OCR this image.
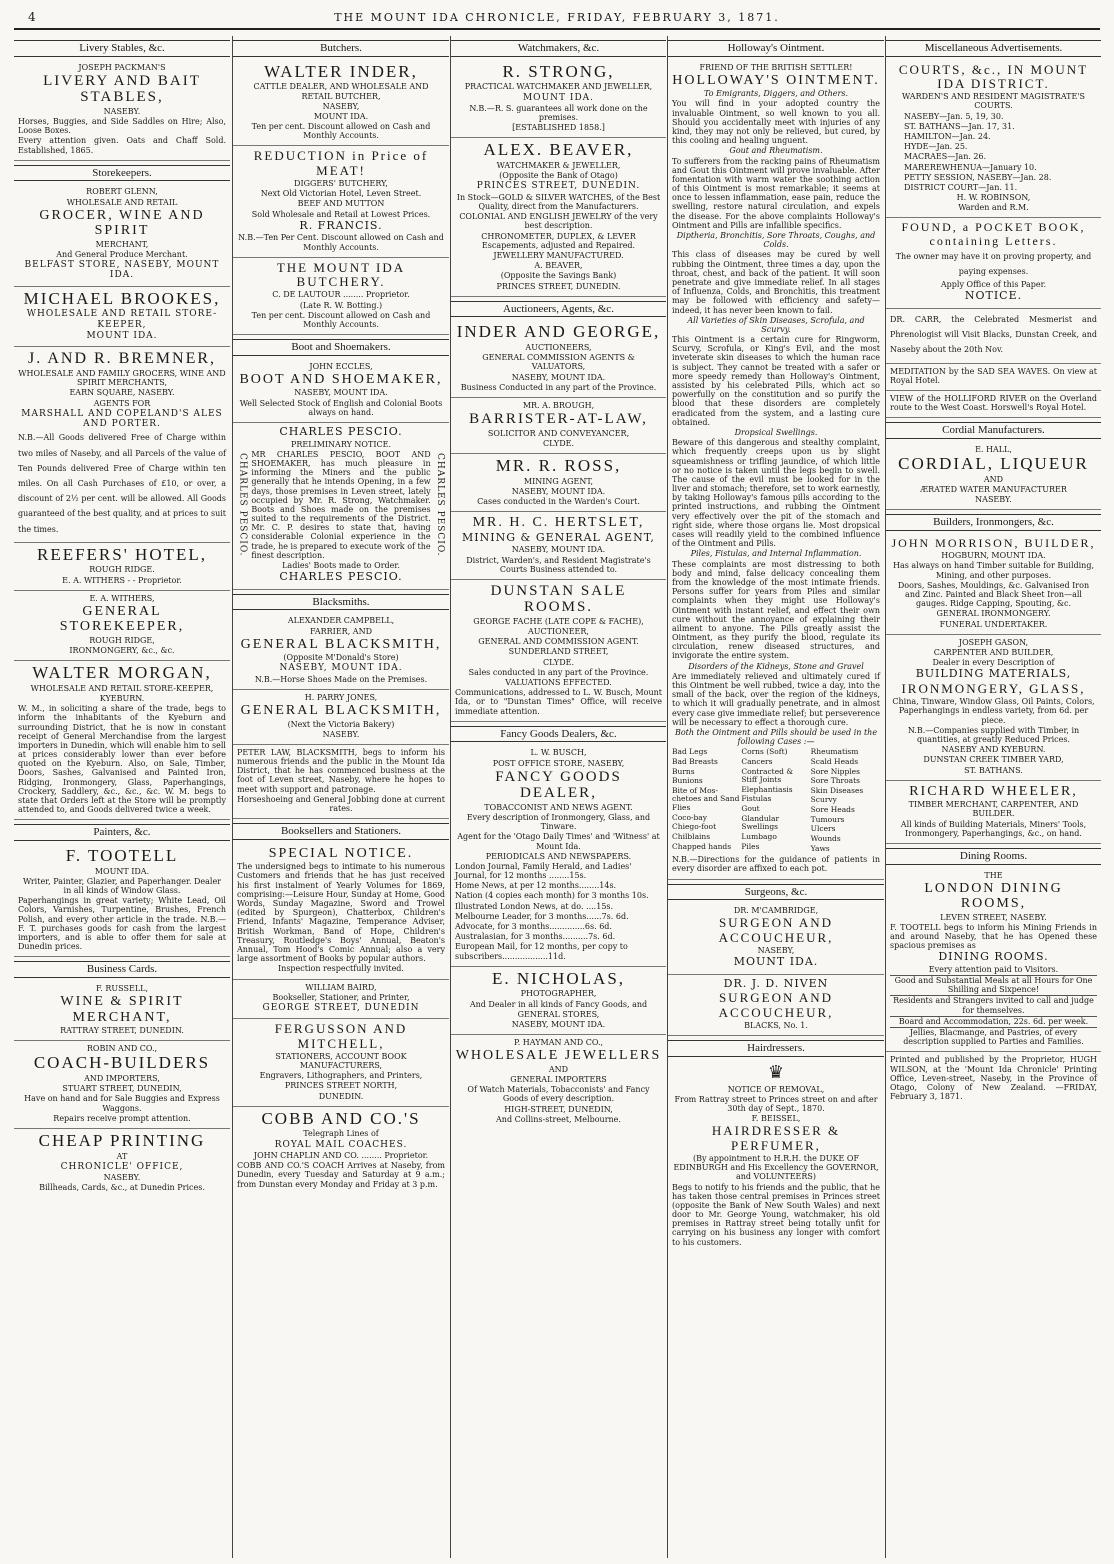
4	THE MOUNT IDA CHRONICLE, FRIDAY, FEBRUARY 3, 1871.
Livery Stables, &c.

JOSEPH PACKMAN'S

LIVERY AND BAIT STABLES,

NASEBY.

Horses, Buggies, and Side Saddles on Hire; Also, Loose Boxes.

Every attention given. Oats and Chaff Sold. Established, 1865.

Storekeepers.

ROBERT GLENN,

WHOLESALE AND RETAIL

GROCER, WINE AND SPIRIT

MERCHANT,

And General Produce Merchant.

BELFAST STORE, NASEBY, MOUNT IDA.

MICHAEL BROOKES,

WHOLESALE AND RETAIL STORE-KEEPER,

MOUNT IDA.

J. AND R. BREMNER,

WHOLESALE AND FAMILY GROCERS, WINE AND SPIRIT MERCHANTS,

EARN SQUARE, NASEBY.

AGENTS FOR

MARSHALL AND COPELAND'S ALES AND PORTER.

N.B.—All Goods delivered Free of Charge within two miles of Naseby, and all Parcels of the value of Ten Pounds delivered Free of Charge within ten miles. On all Cash Purchases of £10, or over, a discount of 2½ per cent. will be allowed. All Goods guaranteed of the best quality, and at prices to suit the times.

REEFERS' HOTEL,

ROUGH RIDGE.

E. A. WITHERS - - Proprietor.

E. A. WITHERS,

GENERAL STOREKEEPER,

ROUGH RIDGE,

IRONMONGERY, &c., &c.

WALTER MORGAN,

WHOLESALE AND RETAIL STORE-KEEPER,

KYEBURN.

W. M., in soliciting a share of the trade, begs to inform the inhabitants of the Kyeburn and surrounding District, that he is now in constant receipt of General Merchandise from the largest importers in Dunedin, which will enable him to sell at prices considerably lower than ever before quoted on the Kyeburn. Also, on Sale, Timber, Doors, Sashes, Galvanised and Painted Iron, Ridging, Ironmongery, Glass, Paperhangings, Crockery, Saddlery, &c., &c., &c. W. M. begs to state that Orders left at the Store will be promptly attended to, and Goods delivered twice a week.

Painters, &c.

F. TOOTELL

MOUNT IDA.

Writer, Painter, Glazier, and Paperhanger. Dealer in all kinds of Window Glass.

Paperhangings in great variety; White Lead, Oil Colors, Varnishes, Turpentine, Brushes, French Polish, and every other article in the trade. N.B.—F. T. purchases goods for cash from the largest importers, and is able to offer them for sale at Dunedin prices.

Business Cards.

F. RUSSELL,

WINE & SPIRIT MERCHANT,

RATTRAY STREET, DUNEDIN.

ROBIN AND CO.,

COACH-BUILDERS

AND IMPORTERS,

STUART STREET, DUNEDIN,

Have on hand and for Sale Buggies and Express Waggons.

Repairs receive prompt attention.

CHEAP PRINTING

AT

CHRONICLE' OFFICE,

NASEBY.

Billheads, Cards, &c., at Dunedin Prices.

Butchers.

WALTER INDER,

CATTLE DEALER, AND WHOLESALE AND RETAIL BUTCHER,

NASEBY,

MOUNT IDA.

Ten per cent. Discount allowed on Cash and Monthly Accounts.

REDUCTION in Price of MEAT!

DIGGERS' BUTCHERY,

Next Old Victorian Hotel, Leven Street.

BEEF AND MUTTON

Sold Wholesale and Retail at Lowest Prices.

R. FRANCIS.

N.B.—Ten Per Cent. Discount allowed on Cash and Monthly Accounts.

THE MOUNT IDA BUTCHERY.

C. DE LAUTOUR ........ Proprietor.

(Late R. W. Botting.)

Ten per cent. Discount allowed on Cash and Monthly Accounts.

Boot and Shoemakers.

JOHN ECCLES,

BOOT AND SHOEMAKER,

NASEBY, MOUNT IDA.

Well Selected Stock of English and Colonial Boots always on hand.

CHARLES PESCIO.

PRELIMINARY NOTICE.

CHARLES PESCIO. MR CHARLES PESCIO, BOOT AND SHOEMAKER, has much pleasure in informing the Miners and the public generally that he intends Opening, in a few days, those premises in Leven street, lately occupied by Mr. R. Strong, Watchmaker. Boots and Shoes made on the premises suited to the requirements of the District. Mr. C. P. desires to state that, having considerable Colonial experience in the trade, he is prepared to execute work of the finest description.	CHARLES PESCIO.

Ladies' Boots made to Order.

CHARLES PESCIO.

Blacksmiths.

ALEXANDER CAMPBELL,

FARRIER, AND

GENERAL BLACKSMITH,

(Opposite M'Donald's Store)

NASEBY, MOUNT IDA.

N.B.—Horse Shoes Made on the Premises.

H. PARRY JONES,

GENERAL BLACKSMITH,

(Next the Victoria Bakery)

NASEBY.

PETER LAW, BLACKSMITH, begs to inform his numerous friends and the public in the Mount Ida District, that he has commenced business at the foot of Leven street, Naseby, where he hopes to meet with support and patronage.

Horseshoeing and General Jobbing done at current rates.

Booksellers and Stationers.

SPECIAL NOTICE.

The undersigned begs to intimate to his numerous Customers and friends that he has just received his first instalment of Yearly Volumes for 1869, comprising:—Leisure Hour, Sunday at Home, Good Words, Sunday Magazine, Sword and Trowel (edited by Spurgeon), Chatterbox, Children's Friend, Infants' Magazine, Temperance Adviser, British Workman, Band of Hope, Children's Treasury, Routledge's Boys' Annual, Beaton's Annual, Tom Hood's Comic Annual; also a very large assortment of Books by popular authors.

Inspection respectfully invited.

WILLIAM BAIRD,

Bookseller, Stationer, and Printer,

GEORGE STREET, DUNEDIN

FERGUSSON AND MITCHELL,

STATIONERS, ACCOUNT BOOK MANUFACTURERS,

Engravers, Lithographers, and Printers,

PRINCES STREET NORTH,

DUNEDIN.

COBB AND CO.'S

Telegraph Lines of

ROYAL MAIL COACHES.

JOHN CHAPLIN AND CO. ........ Proprietor.

COBB AND CO.'S COACH Arrives at Naseby, from Dunedin, every Tuesday and Saturday at 9 a.m.; from Dunstan every Monday and Friday at 3 p.m.

Watchmakers, &c.

R. STRONG,

PRACTICAL WATCHMAKER AND JEWELLER,

MOUNT IDA.

N.B.—R. S. guarantees all work done on the premises.

[ESTABLISHED 1858.]

ALEX. BEAVER,

WATCHMAKER & JEWELLER,

(Opposite the Bank of Otago)

PRINCES STREET, DUNEDIN.

In Stock—GOLD & SILVER WATCHES, of the Best Quality, direct from the Manufacturers.

COLONIAL AND ENGLISH JEWELRY of the very best description.

CHRONOMETER, DUPLEX, & LEVER Escapements, adjusted and Repaired.

JEWELLERY MANUFACTURED.

A. BEAVER,

(Opposite the Savings Bank)

PRINCES STREET, DUNEDIN.

Auctioneers, Agents, &c.

INDER AND GEORGE,

AUCTIONEERS,

GENERAL COMMISSION AGENTS & VALUATORS,

NASEBY, MOUNT IDA.

Business Conducted in any part of the Province.

MR. A. BROUGH,

BARRISTER-AT-LAW,

SOLICITOR AND CONVEYANCER,

CLYDE.

MR. R. ROSS,

MINING AGENT,

NASEBY, MOUNT IDA.

Cases conducted in the Warden's Court.

MR. H. C. HERTSLET,

MINING & GENERAL AGENT,

NASEBY, MOUNT IDA.

District, Warden's, and Resident Magistrate's Courts Business attended to.

DUNSTAN SALE ROOMS.

GEORGE FACHE (LATE COPE & FACHE),

AUCTIONEER,

GENERAL AND COMMISSION AGENT.

SUNDERLAND STREET,

CLYDE.

Sales conducted in any part of the Province.

VALUATIONS EFFECTED.

Communications, addressed to L. W. Busch, Mount Ida, or to "Dunstan Times" Office, will receive immediate attention.

Fancy Goods Dealers, &c.

L. W. BUSCH,

POST OFFICE STORE, NASEBY,

FANCY GOODS DEALER,

TOBACCONIST AND NEWS AGENT.

Every description of Ironmongery, Glass, and Tinware.

Agent for the 'Otago Daily Times' and 'Witness' at Mount Ida.

PERIODICALS AND NEWSPAPERS.

London Journal, Family Herald, and Ladies' Journal, for 12 months ........15s.

Home News, at per 12 months........14s.

Nation (4 copies each month) for 3 months 10s.

Illustrated London News, at do. ....15s.

Melbourne Leader, for 3 months......7s. 6d.

Advocate, for 3 months..............6s. 6d.

Australasian, for 3 months..........7s. 6d.

European Mail, for 12 months, per copy to subscribers..................11d.

E. NICHOLAS,

PHOTOGRAPHER,

And Dealer in all kinds of Fancy Goods, and

GENERAL STORES,

NASEBY, MOUNT IDA.

P. HAYMAN AND CO.,

WHOLESALE JEWELLERS

AND

GENERAL IMPORTERS

Of Watch Materials, Tobacconists' and Fancy Goods of every description.

HIGH-STREET, DUNEDIN,

And Collins-street, Melbourne.

Holloway's Ointment.

FRIEND OF THE BRITISH SETTLER!

HOLLOWAY'S OINTMENT.

To Emigrants, Diggers, and Others.

You will find in your adopted country the invaluable Ointment, so well known to you all. Should you accidentally meet with injuries of any kind, they may not only be relieved, but cured, by this cooling and healing unguent.

Gout and Rheumatism.

To sufferers from the racking pains of Rheumatism and Gout this Ointment will prove invaluable. After fomentation with warm water the soothing action of this Ointment is most remarkable; it seems at once to lessen inflammation, ease pain, reduce the swelling, restore natural circulation, and expels the disease. For the above complaints Holloway's Ointment and Pills are infallible specifics.

Diptheria, Bronchitis, Sore Throats, Coughs, and Colds.

This class of diseases may be cured by well rubbing the Ointment, three times a day, upon the throat, chest, and back of the patient. It will soon penetrate and give immediate relief. In all stages of Influenza, Colds, and Bronchitis, this treatment may be followed with efficiency and safety—indeed, it has never been known to fail.

All Varieties of Skin Diseases, Scrofula, and Scurvy.

This Ointment is a certain cure for Ringworm, Scurvy, Scrofula, or King's Evil, and the most inveterate skin diseases to which the human race is subject. They cannot be treated with a safer or more speedy remedy than Holloway's Ointment, assisted by his celebrated Pills, which act so powerfully on the constitution and so purify the blood that these disorders are completely eradicated from the system, and a lasting cure obtained.

Dropsical Swellings.

Beware of this dangerous and stealthy complaint, which frequently creeps upon us by slight squeamishness or trifling jaundice, of which little or no notice is taken until the legs begin to swell. The cause of the evil must be looked for in the liver and stomach; therefore, set to work earnestly, by taking Holloway's famous pills according to the printed instructions, and rubbing the Ointment very effectively over the pit of the stomach and right side, where those organs lie. Most dropsical cases will readily yield to the combined influence of the Ointment and Pills.

Piles, Fistulas, and Internal Inflammation.

These complaints are most distressing to both body and mind, false delicacy concealing them from the knowledge of the most intimate friends. Persons suffer for years from Piles and similar complaints when they might use Holloway's Ointment with instant relief, and effect their own cure without the annoyance of explaining their ailment to anyone. The Pills greatly assist the Ointment, as they purify the blood, regulate its circulation, renew diseased structures, and invigorate the entire system.

Disorders of the Kidneys, Stone and Gravel

Are immediately relieved and ultimately cured if this Ointment be well rubbed, twice a day, into the small of the back, over the region of the kidneys, to which it will gradually penetrate, and in almost every case give immediate relief; but perseverence will be necessary to effect a thorough cure.

Both the Ointment and Pills should be used in the following Cases :—

Bad Legs

Bad Breasts

Burns

Bunions

Bite of Mos-chetoes and Sand Flies

Coco-bay

Chiego-foot

Chilblains

Chapped hands

Corns (Soft)

Cancers

Contracted & Stiff Joints

Elephantiasis

Fistulas

Gout

Glandular Swellings

Lumbago

Piles

Rheumatism

Scald Heads

Sore Nipples

Sore Throats

Skin Diseases

Scurvy

Sore Heads

Tumours

Ulcers

Wounds

Yaws

N.B.—Directions for the guidance of patients in every disorder are affixed to each pot.

Surgeons, &c.

DR. M'CAMBRIDGE,

SURGEON AND ACCOUCHEUR,

NASEBY,

MOUNT IDA.

DR. J. D. NIVEN

SURGEON AND ACCOUCHEUR,

BLACKS, No. 1.

Hairdressers.

♛

NOTICE OF REMOVAL,

From Rattray street to Princes street on and after 30th day of Sept., 1870.

F. BEISSEL,

HAIRDRESSER & PERFUMER,

(By appointment to H.R.H. the DUKE OF EDINBURGH and His Excellency the GOVERNOR, and VOLUNTEERS)

Begs to notify to his friends and the public, that he has taken those central premises in Princes street (opposite the Bank of New South Wales) and next door to Mr. George Young, watchmaker, his old premises in Rattray street being totally unfit for carrying on his business any longer with comfort to his customers.

Miscellaneous Advertisements.

COURTS, &c., IN MOUNT IDA DISTRICT.

WARDEN'S AND RESIDENT MAGISTRATE'S COURTS.

NASEBY—Jan. 5, 19, 30.

ST. BATHANS—Jan. 17, 31.

HAMILTON—Jan. 24.

HYDE—Jan. 25.

MACRAES—Jan. 26.

MAREREWHENUA—January 10.

PETTY SESSION, NASEBY—Jan. 28.

DISTRICT COURT—Jan. 11.

H. W. ROBINSON,

Warden and R.M.

FOUND, a POCKET BOOK, containing Letters.

The owner may have it on proving property, and paying expenses.

Apply Office of this Paper.

NOTICE.

DR. CARR, the Celebrated Mesmerist and Phrenologist will Visit Blacks, Dunstan Creek, and Naseby about the 20th Nov.

MEDITATION by the SAD SEA WAVES. On view at Royal Hotel.

VIEW of the HOLLIFORD RIVER on the Overland route to the West Coast. Horswell's Royal Hotel.

Cordial Manufacturers.

E. HALL,

CORDIAL, LIQUEUR

AND

ÆRATED WATER MANUFACTURER

NASEBY.

Builders, Ironmongers, &c.

JOHN MORRISON, BUILDER,

HOGBURN, MOUNT IDA.

Has always on hand Timber suitable for Building, Mining, and other purposes.

Doors, Sashes, Mouldings, &c. Galvanised Iron and Zinc. Painted and Black Sheet Iron—all gauges. Ridge Capping, Spouting, &c.

GENERAL IRONMONGERY.

FUNERAL UNDERTAKER.

JOSEPH GASON,

CARPENTER AND BUILDER,

Dealer in every Description of

BUILDING MATERIALS,

IRONMONGERY, GLASS,

China, Tinware, Window Glass, Oil Paints, Colors, Paperhangings in endless variety, from 6d. per piece.

N.B.—Companies supplied with Timber, in quantities, at greatly Reduced Prices.

NASEBY AND KYEBURN.

DUNSTAN CREEK TIMBER YARD,

ST. BATHANS.

RICHARD WHEELER,

TIMBER MERCHANT, CARPENTER, AND BUILDER.

All kinds of Building Materials, Miners' Tools, Ironmongery, Paperhangings, &c., on hand.

Dining Rooms.

THE

LONDON DINING ROOMS,

LEVEN STREET, NASEBY.

F. TOOTELL begs to inform his Mining Friends in and around Naseby, that he has Opened these spacious premises as

DINING ROOMS.

Every attention paid to Visitors.

Good and Substantial Meals at all Hours for One Shilling and Sixpence!

Residents and Strangers invited to call and judge for themselves.

Board and Accommodation, 22s. 6d. per week.

Jellies, Blacmange, and Pastries, of every description supplied to Parties and Families.

Printed and published by the Proprietor, HUGH WILSON, at the 'Mount Ida Chronicle' Printing Office, Leven-street, Naseby, in the Province of Otago, Colony of New Zealand. —FRIDAY, February 3, 1871.
